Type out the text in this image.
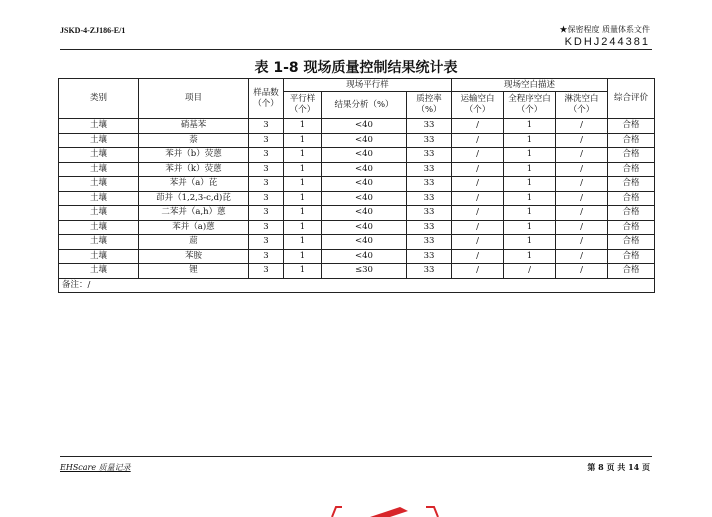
JSKD-4-ZJ186-E/1	★保密程度 质量体系文件
KDHJ244381
表 1-8 现场质量控制结果统计表
类别	项目	样品数（个）	现场平行样			现场空白描述			综合评价
			平行样（个）	结果分析（%）	质控率（%）	运输空白（个）	全程序空白（个）	淋洗空白（个）	
土壤	硝基苯	3	1	<40	33	/	1	/	合格
土壤	萘	3	1	<40	33	/	1	/	合格
土壤	苯并（b）荧蒽	3	1	<40	33	/	1	/	合格
土壤	苯并（k）荧蒽	3	1	<40	33	/	1	/	合格
土壤	苯并（a）芘	3	1	<40	33	/	1	/	合格
土壤	茚并（1,2,3-c,d)芘	3	1	<40	33	/	1	/	合格
土壤	二苯并（a,h）蒽	3	1	<40	33	/	1	/	合格
土壤	苯并（a)蒽	3	1	<40	33	/	1	/	合格
土壤	䓛	3	1	<40	33	/	1	/	合格
土壤	苯胺	3	1	<40	33	/	1	/	合格
土壤	锂	3	1	≤30	33	/	/	/	合格
备注：/									
EHScare 质量记录	第 8 页 共 14 页
